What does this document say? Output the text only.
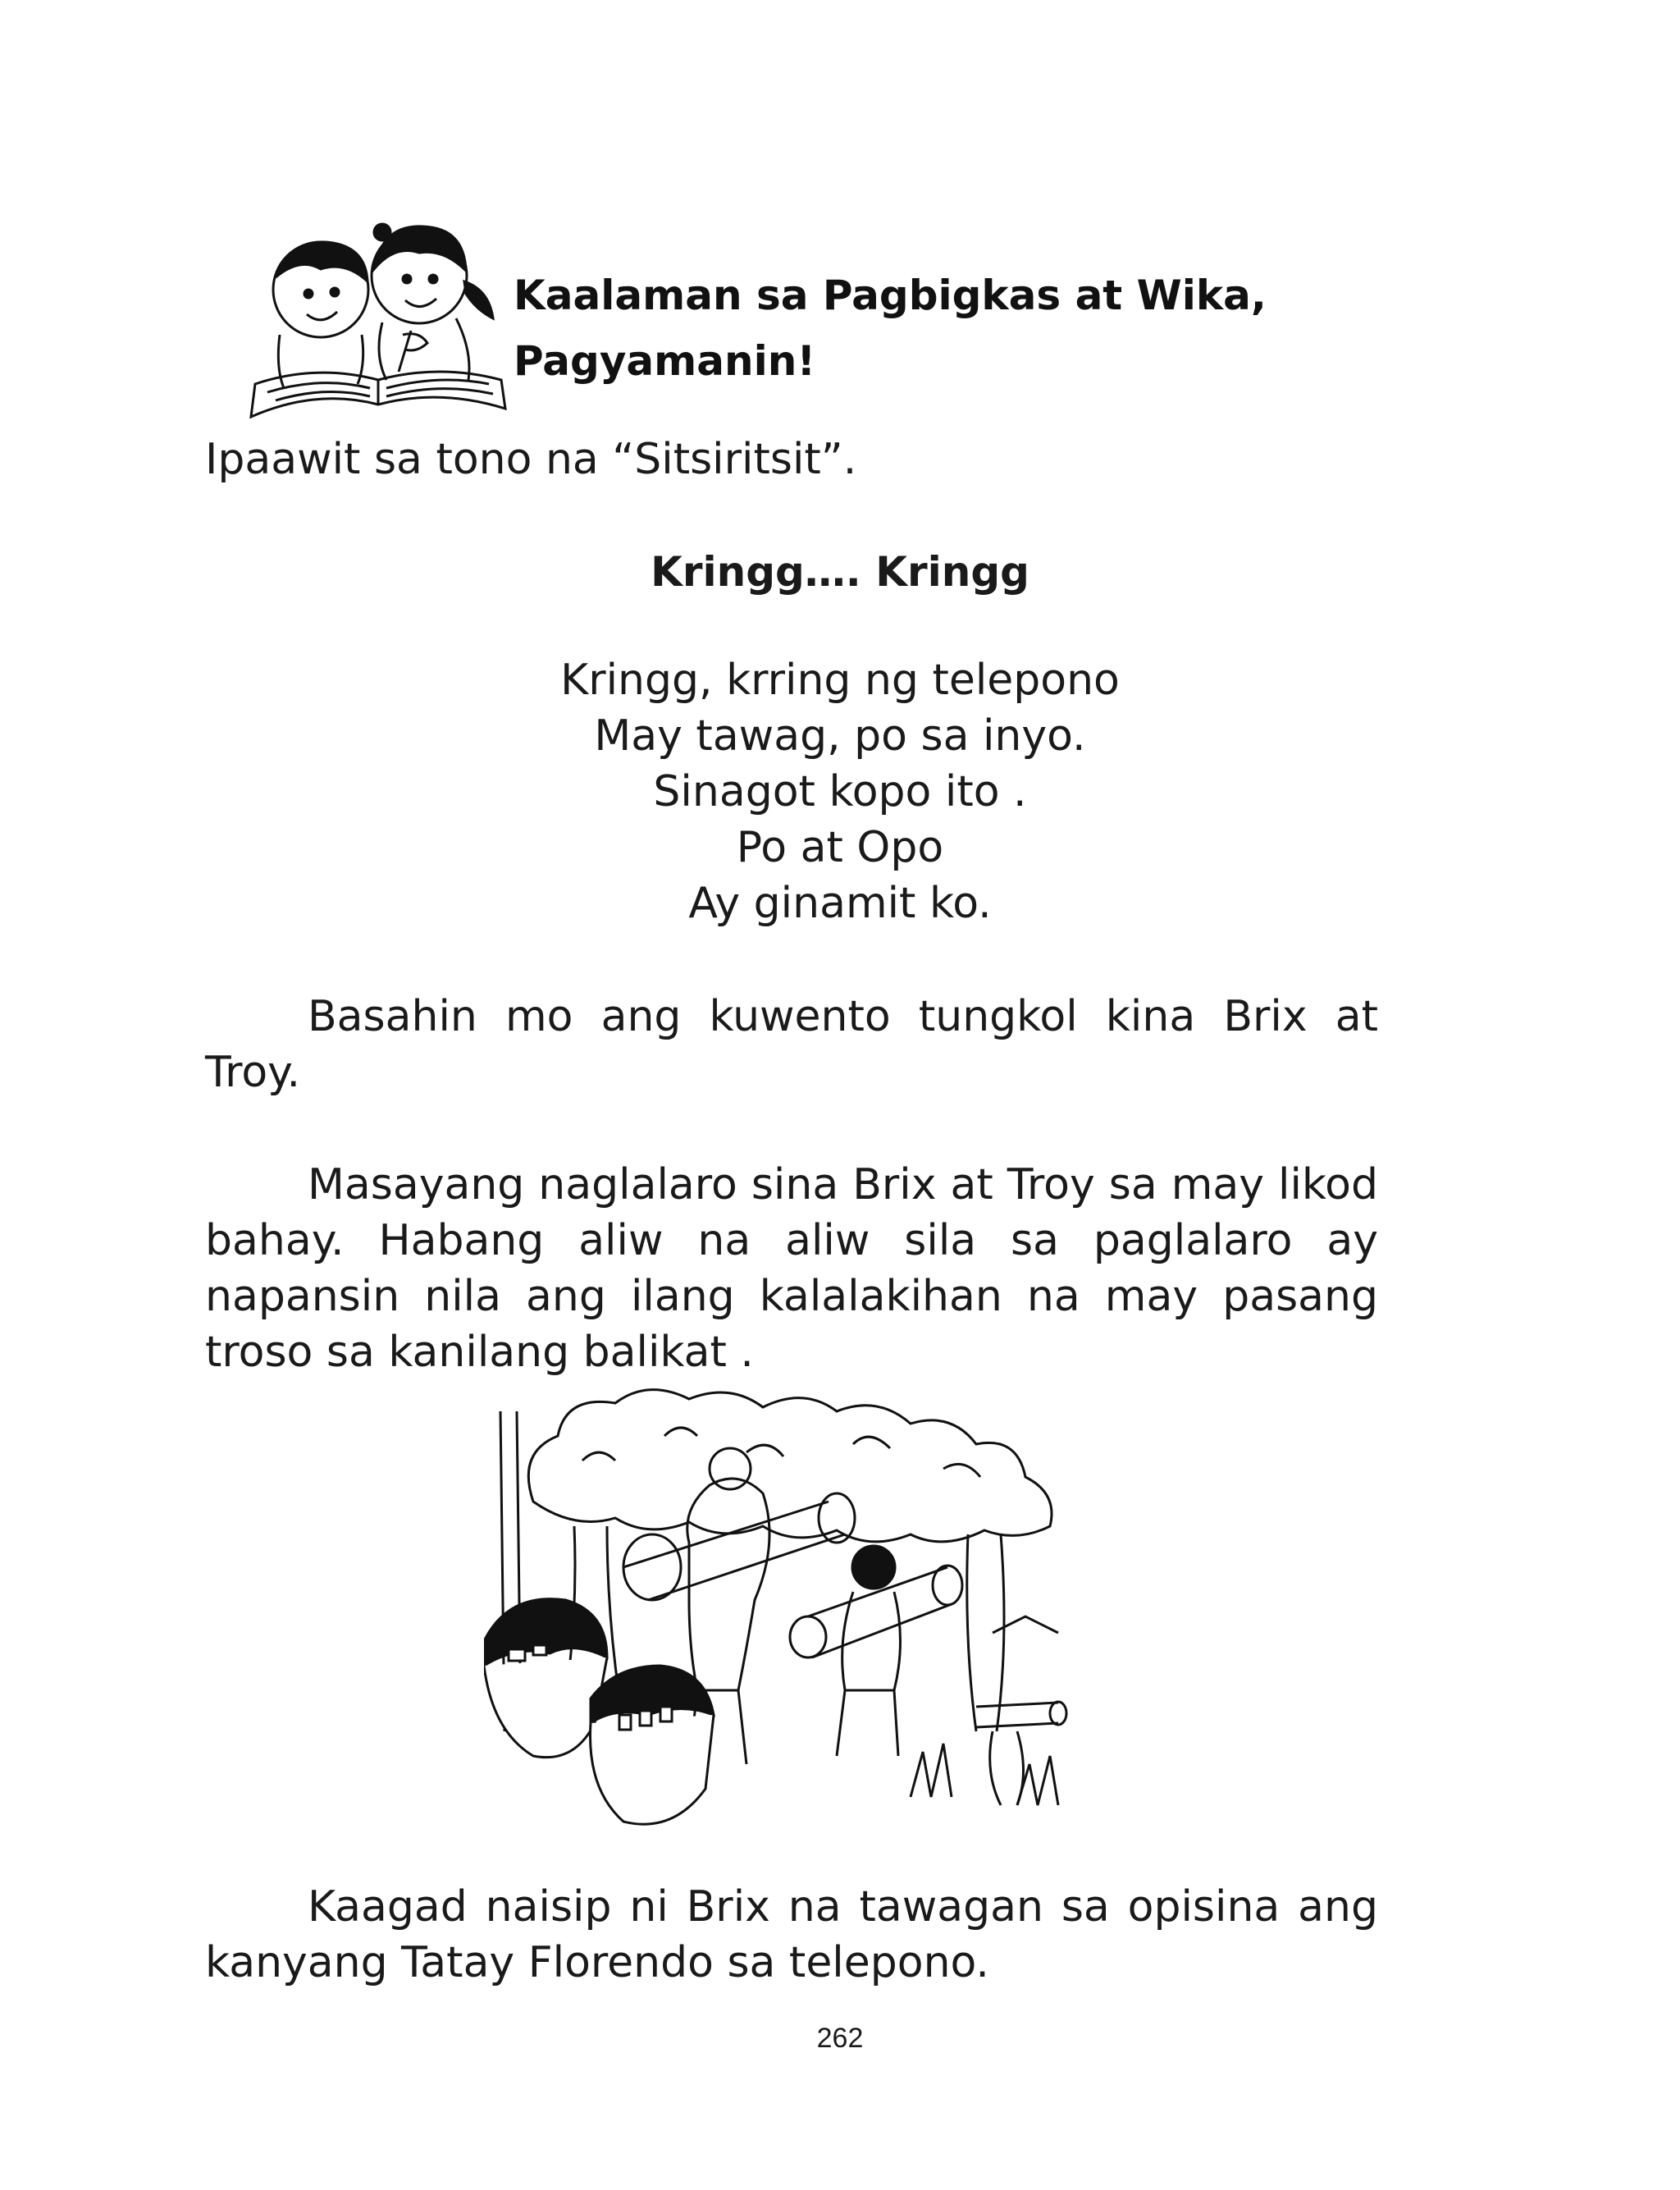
Kaalaman sa Pagbigkas at Wika,
Pagyamanin!
Ipaawit sa tono na “Sitsiritsit”.
Kringg…. Kringg
Kringg, krring ng telepono
May tawag, po sa inyo.
Sinagot kopo ito .
Po at Opo
Ay ginamit ko.
Basahin mo ang kuwento tungkol kina Brix at Troy.
Masayang naglalaro sina Brix at Troy sa may likod bahay. Habang aliw na aliw sila sa paglalaro ay napansin nila ang ilang kalalakihan na may pasang troso sa kanilang balikat .
Kaagad naisip ni Brix na tawagan sa opisina ang kanyang Tatay Florendo sa telepono.
262
